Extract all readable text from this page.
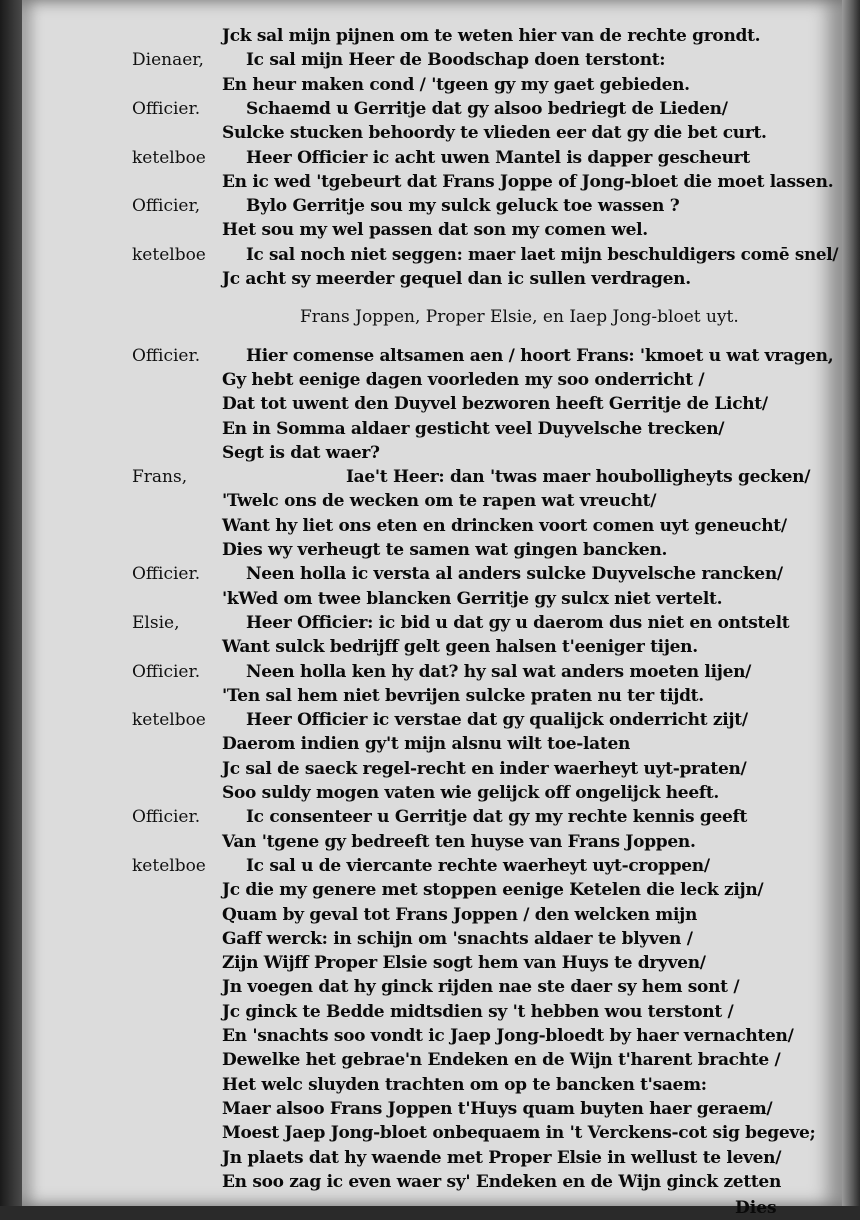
Jck sal mijn pijnen om te weten hier van de rechte grondt.
Dienaer, Ic sal mijn Heer de Boodschap doen terstont:
En heur maken cond / 'tgeen gy my gaet gebieden.
Officier.	Schaemd u Gerritje dat gy alsoo bedriegt de Lieden/
Sulcke stucken behoordy te vlieden eer dat gy die bet curt.
ketelboe Heer Officier ic acht uwen Mantel is dapper gescheurt
En ic wed 'tgebeurt dat Frans Joppe of Jong-bloet die moet lassen.
Officier,	Bylo Gerritje sou my sulck geluck toe wassen ?
Het sou my wel passen dat son my comen wel.
ketelboe Ic sal noch niet seggen: maer laet mijn beschuldigers comē snel/
Jc acht sy meerder gequel dan ic sullen verdragen.
Frans Joppen, Proper Elsie, en Iaep Jong-bloet uyt.
Officier.	Hier comense altsamen aen / hoort Frans: 'kmoet u wat vragen,
Gy hebt eenige dagen voorleden my soo onderricht /
Dat tot uwent den Duyvel bezworen heeft Gerritje de Licht/
En in Somma aldaer gesticht veel Duyvelsche trecken/
Segt is dat waer?
Frans,	Iae't Heer: dan 'twas maer houbolligheyts gecken/
'Twelc ons de wecken om te rapen wat vreucht/
Want hy liet ons eten en drincken voort comen uyt geneucht/
Dies wy verheugt te samen wat gingen bancken.
Officier.	Neen holla ic versta al anders sulcke Duyvelsche rancken/
'kWed om twee blancken Gerritje gy sulcx niet vertelt.
Elsie,	Heer Officier: ic bid u dat gy u daerom dus niet en ontstelt
Want sulck bedrijff gelt geen halsen t'eeniger tijen.
Officier.	Neen holla ken hy dat? hy sal wat anders moeten lijen/
'Ten sal hem niet bevrijen sulcke praten nu ter tijdt.
ketelboe Heer Officier ic verstae dat gy qualijck onderricht zijt/
Daerom indien gy't mijn alsnu wilt toe-laten
Jc sal de saeck regel-recht en inder waerheyt uyt-praten/
Soo suldy mogen vaten wie gelijck off ongelijck heeft.
Officier.	Ic consenteer u Gerritje dat gy my rechte kennis geeft
Van 'tgene gy bedreeft ten huyse van Frans Joppen.
ketelboe Ic sal u de viercante rechte waerheyt uyt-croppen/
Jc die my genere met stoppen eenige Ketelen die leck zijn/
Quam by geval tot Frans Joppen / den welcken mijn
Gaff werck: in schijn om 'snachts aldaer te blyven /
Zijn Wijff Proper Elsie sogt hem van Huys te dryven/
Jn voegen dat hy ginck rijden nae ste daer sy hem sont /
Jc ginck te Bedde midtsdien sy 't hebben wou terstont /
En 'snachts soo vondt ic Jaep Jong-bloedt by haer vernachten/
Dewelke het gebrae'n Endeken en de Wijn t'harent brachte /
Het welc sluyden trachten om op te bancken t'saem:
Maer alsoo Frans Joppen t'Huys quam buyten haer geraem/
Moest Jaep Jong-bloet onbequaem in 't Verckens-cot sig begeve;
Jn plaets dat hy waende met Proper Elsie in wellust te leven/
En soo zag ic even waer sy' Endeken en de Wijn ginck zetten
Dies
